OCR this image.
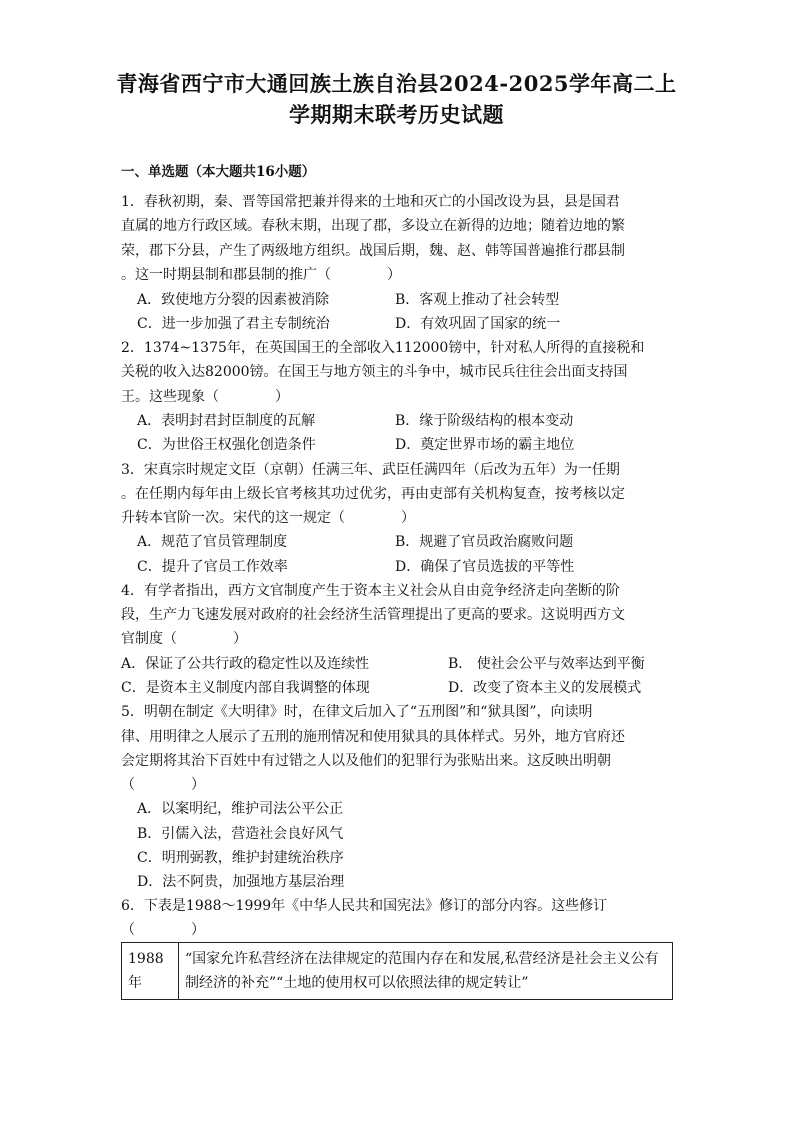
青海省西宁市大通回族土族自治县2024-2025学年高二上
学期期末联考历史试题
一、单选题（本大题共16小题）
1．春秋初期，秦、晋等国常把兼并得来的土地和灭亡的小国改设为县，县是国君
直属的地方行政区域。春秋末期，出现了郡，多设立在新得的边地；随着边地的繁
荣，郡下分县，产生了两级地方组织。战国后期，魏、赵、韩等国普遍推行郡县制
。这一时期县制和郡县制的推广（　　　　）
A．致使地方分裂的因素被消除	B．客观上推动了社会转型
C．进一步加强了君主专制统治	D．有效巩固了国家的统一
2．1374~1375年，在英国国王的全部收入112000镑中，针对私人所得的直接税和
关税的收入达82000镑。在国王与地方领主的斗争中，城市民兵往往会出面支持国
王。这些现象（　　　　）
A．表明封君封臣制度的瓦解	B．缘于阶级结构的根本变动
C．为世俗王权强化创造条件	D．奠定世界市场的霸主地位
3．宋真宗时规定文臣（京朝）任满三年、武臣任满四年（后改为五年）为一任期
。在任期内每年由上级长官考核其功过优劣，再由吏部有关机构复查，按考核以定
升转本官阶一次。宋代的这一规定（　　　　）
A．规范了官员管理制度	B．规避了官员政治腐败问题
C．提升了官员工作效率	D．确保了官员选拔的平等性
4．有学者指出，西方文官制度产生于资本主义社会从自由竞争经济走向垄断的阶
段，生产力飞速发展对政府的社会经济生活管理提出了更高的要求。这说明西方文
官制度（　　　　）
A．保证了公共行政的稳定性以及连续性	B． 使社会公平与效率达到平衡
C．是资本主义制度内部自我调整的体现	D．改变了资本主义的发展模式
5．明朝在制定《大明律》时，在律文后加入了“五刑图”和“狱具图”，向读明
律、用明律之人展示了五刑的施刑情况和使用狱具的具体样式。另外，地方官府还
会定期将其治下百姓中有过错之人以及他们的犯罪行为张贴出来。这反映出明朝
（　　　　）
A．以案明纪，维护司法公平公正
B．引儒入法，营造社会良好风气
C．明刑弼教，维护封建统治秩序
D．法不阿贵，加强地方基层治理
6．下表是1988～1999年《中华人民共和国宪法》修订的部分内容。这些修订
（　　　　）
1988年	“国家允许私营经济在法律规定的范围内存在和发展,私营经济是社会主义公有制经济的补充”“土地的使用权可以依照法律的规定转让”
